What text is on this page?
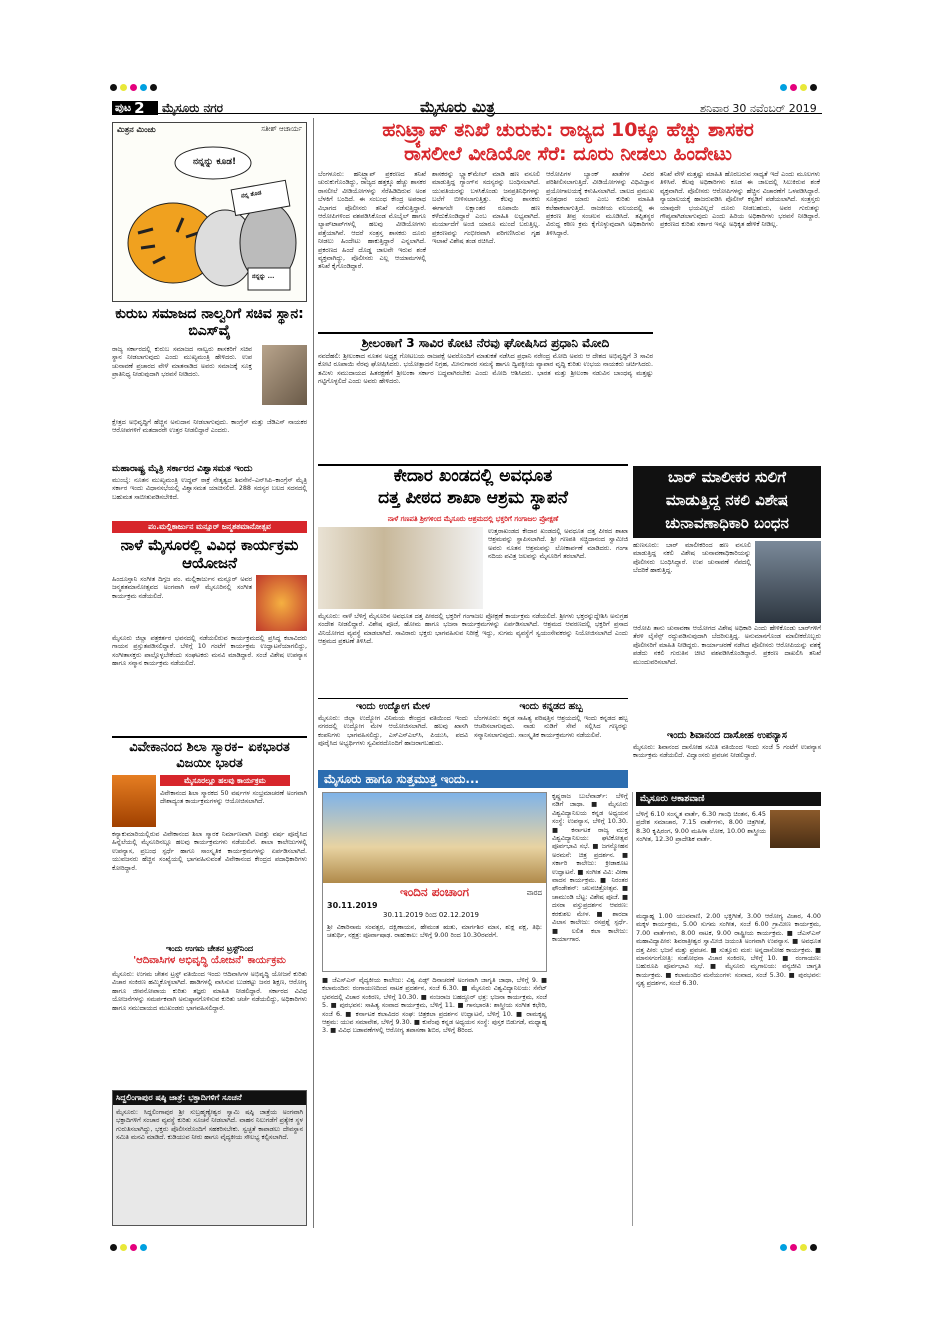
ಪುಟ 2 ಮೈಸೂರು ನಗರ	ಮೈಸೂರು ಮಿತ್ರ	ಶನಿವಾರ 30 ನವೆಂಬರ್ 2019
ಮಿತ್ರನ ಮಿಂಚು	ಸತೀಶ್ ಆಚಾರ್ಯ
ನನ್ನನ್ನು ಕೂಡ!
ನನ್ನ ತೊಡ
ನನ್ನನ್ನು ...
ಕುರುಬ ಸಮಾಜದ ನಾಲ್ವರಿಗೆ ಸಚಿವ ಸ್ಥಾನ: ಬಿಎಸ್‌ವೈ
ರಾಜ್ಯ ಸರ್ಕಾರದಲ್ಲಿ ಕುರುಬ ಸಮಾಜದ ನಾಲ್ವರು ಶಾಸಕರಿಗೆ ಸಚಿವ ಸ್ಥಾನ ನೀಡಲಾಗುವುದು ಎಂದು ಮುಖ್ಯಮಂತ್ರಿ ಹೇಳಿದರು. ಉಪ ಚುನಾವಣೆ ಪ್ರಚಾರದ ವೇಳೆ ಮಾತನಾಡಿದ ಅವರು ಸಮಾಜಕ್ಕೆ ಸೂಕ್ತ ಪ್ರಾತಿನಿಧ್ಯ ನೀಡುವುದಾಗಿ ಭರವಸೆ ನೀಡಿದರು.
ಕ್ಷೇತ್ರದ ಅಭಿವೃದ್ಧಿಗೆ ಹೆಚ್ಚಿನ ಅನುದಾನ ನೀಡಲಾಗುವುದು. ಕಾಂಗ್ರೆಸ್ ಮತ್ತು ಜೆಡಿಎಸ್ ನಾಯಕರ ಆರೋಪಗಳಿಗೆ ಮತದಾರರೇ ಉತ್ತರ ನೀಡಲಿದ್ದಾರೆ ಎಂದರು.
ಮಹಾರಾಷ್ಟ್ರ ಮೈತ್ರಿ ಸರ್ಕಾರದ ವಿಶ್ವಾಸಮತ ಇಂದು
ಮುಂಬೈ: ನೂತನ ಮುಖ್ಯಮಂತ್ರಿ ಉದ್ಧವ್ ಠಾಕ್ರೆ ನೇತೃತ್ವದ ಶಿವಸೇನೆ–ಎನ್‌ಸಿಪಿ–ಕಾಂಗ್ರೆಸ್ ಮೈತ್ರಿ ಸರ್ಕಾರ ಇಂದು ವಿಧಾನಸಭೆಯಲ್ಲಿ ವಿಶ್ವಾಸಮತ ಯಾಚಿಸಲಿದೆ. 288 ಸದಸ್ಯರ ಬಲದ ಸದನದಲ್ಲಿ ಬಹುಮತ ಸಾಬೀತುಪಡಿಸಬೇಕಿದೆ.
ಪಂ.ಮಲ್ಲಿಕಾರ್ಜುನ ಮನ್ಸೂರ್ ಜನ್ಮಶತಮಾನೋತ್ಸವ
ನಾಳೆ ಮೈಸೂರಲ್ಲಿ ವಿವಿಧ ಕಾರ್ಯಕ್ರಮ ಆಯೋಜನೆ
ಹಿಂದೂಸ್ತಾನಿ ಸಂಗೀತ ದಿಗ್ಗಜ ಪಂ. ಮಲ್ಲಿಕಾರ್ಜುನ ಮನ್ಸೂರ್ ಅವರ ಜನ್ಮಶತಮಾನೋತ್ಸವದ ಅಂಗವಾಗಿ ನಾಳೆ ಮೈಸೂರಿನಲ್ಲಿ ಸಂಗೀತ ಕಾರ್ಯಕ್ರಮ ನಡೆಯಲಿದೆ.
ಮೈಸೂರು ಜಿಲ್ಲಾ ಪತ್ರಕರ್ತರ ಭವನದಲ್ಲಿ ನಡೆಯಲಿರುವ ಕಾರ್ಯಕ್ರಮದಲ್ಲಿ ಪ್ರಸಿದ್ಧ ಕಲಾವಿದರು ಗಾಯನ ಪ್ರಸ್ತುತಪಡಿಸಲಿದ್ದಾರೆ. ಬೆಳಿಗ್ಗೆ 10 ಗಂಟೆಗೆ ಕಾರ್ಯಕ್ರಮ ಉದ್ಘಾಟನೆಯಾಗಲಿದ್ದು, ಸಂಗೀತಾಸಕ್ತರು ಪಾಲ್ಗೊಳ್ಳಬೇಕೆಂದು ಸಂಘಟಕರು ಮನವಿ ಮಾಡಿದ್ದಾರೆ. ಸಂಜೆ ವಿಶೇಷ ಉಪನ್ಯಾಸ ಹಾಗೂ ಸನ್ಮಾನ ಕಾರ್ಯಕ್ರಮ ನಡೆಯಲಿದೆ.
ವಿವೇಕಾನಂದ ಶಿಲಾ ಸ್ಮಾರಕ– ಏಕಭಾರತ ವಿಜಯೀ ಭಾರತ
ಮೈಸೂರಲ್ಲೂ ಹಲವು ಕಾರ್ಯಕ್ರಮ
ವಿವೇಕಾನಂದ ಶಿಲಾ ಸ್ಮಾರಕದ 50 ವರ್ಷಗಳ ಸಂಭ್ರಮಾಚರಣೆ ಅಂಗವಾಗಿ ದೇಶಾದ್ಯಂತ ಕಾರ್ಯಕ್ರಮಗಳನ್ನು ಆಯೋಜಿಸಲಾಗಿದೆ.
ಕನ್ಯಾಕುಮಾರಿಯಲ್ಲಿರುವ ವಿವೇಕಾನಂದ ಶಿಲಾ ಸ್ಮಾರಕ ನಿರ್ಮಾಣವಾಗಿ ಐವತ್ತು ವರ್ಷ ಪೂರೈಸಿದ ಹಿನ್ನೆಲೆಯಲ್ಲಿ ಮೈಸೂರಿನಲ್ಲೂ ಹಲವು ಕಾರ್ಯಕ್ರಮಗಳು ನಡೆಯಲಿವೆ. ಶಾಲಾ ಕಾಲೇಜುಗಳಲ್ಲಿ ಉಪನ್ಯಾಸ, ಪ್ರಬಂಧ ಸ್ಪರ್ಧೆ ಹಾಗೂ ಸಾಂಸ್ಕೃತಿಕ ಕಾರ್ಯಕ್ರಮಗಳನ್ನು ಏರ್ಪಡಿಸಲಾಗಿದೆ. ಯುವಜನರು ಹೆಚ್ಚಿನ ಸಂಖ್ಯೆಯಲ್ಲಿ ಭಾಗವಹಿಸುವಂತೆ ವಿವೇಕಾನಂದ ಕೇಂದ್ರದ ಪದಾಧಿಕಾರಿಗಳು ಕೋರಿದ್ದಾರೆ.
ಇಂದು ಉಗಮ ಚೇತನ ಟ್ರಸ್ಟ್‌ನಿಂದ
'ಆದಿವಾಸಿಗಳ ಅಭಿವೃದ್ಧಿ ಯೋಜನೆ' ಕಾರ್ಯಕ್ರಮ
ಮೈಸೂರು: ಉಗಮ ಚೇತನ ಟ್ರಸ್ಟ್ ವತಿಯಿಂದ ಇಂದು ಆದಿವಾಸಿಗಳ ಅಭಿವೃದ್ಧಿ ಯೋಜನೆ ಕುರಿತು ವಿಚಾರ ಸಂಕಿರಣ ಹಮ್ಮಿಕೊಳ್ಳಲಾಗಿದೆ. ಹಾಡಿಗಳಲ್ಲಿ ವಾಸಿಸುವ ಬುಡಕಟ್ಟು ಜನರ ಶಿಕ್ಷಣ, ಆರೋಗ್ಯ ಹಾಗೂ ಜೀವನೋಪಾಯ ಕುರಿತು ತಜ್ಞರು ಮಾಹಿತಿ ನೀಡಲಿದ್ದಾರೆ. ಸರ್ಕಾರದ ವಿವಿಧ ಯೋಜನೆಗಳನ್ನು ಸಮರ್ಪಕವಾಗಿ ಅನುಷ್ಠಾನಗೊಳಿಸುವ ಕುರಿತು ಚರ್ಚೆ ನಡೆಯಲಿದ್ದು, ಅಧಿಕಾರಿಗಳು ಹಾಗೂ ಸಮುದಾಯದ ಮುಖಂಡರು ಭಾಗವಹಿಸಲಿದ್ದಾರೆ.
ಸಿದ್ದಲಿಂಗಾಪುರ ಷಷ್ಠಿ ಜಾತ್ರೆ: ಭಕ್ತಾದಿಗಳಿಗೆ ಸೂಚನೆ
ಮೈಸೂರು: ಸಿದ್ದಲಿಂಗಾಪುರ ಶ್ರೀ ಸುಬ್ರಹ್ಮಣ್ಯೇಶ್ವರ ಸ್ವಾಮಿ ಷಷ್ಠಿ ಜಾತ್ರೆಯ ಅಂಗವಾಗಿ ಭಕ್ತಾದಿಗಳಿಗೆ ಸಂಚಾರ ವ್ಯವಸ್ಥೆ ಕುರಿತು ಸೂಚನೆ ನೀಡಲಾಗಿದೆ. ವಾಹನ ನಿಲುಗಡೆಗೆ ಪ್ರತ್ಯೇಕ ಸ್ಥಳ ಗುರುತಿಸಲಾಗಿದ್ದು, ಭಕ್ತರು ಪೊಲೀಸರೊಂದಿಗೆ ಸಹಕರಿಸಬೇಕು. ಸ್ವಚ್ಛತೆ ಕಾಪಾಡಲು ದೇವಸ್ಥಾನ ಸಮಿತಿ ಮನವಿ ಮಾಡಿದೆ. ಕುಡಿಯುವ ನೀರು ಹಾಗೂ ವೈದ್ಯಕೀಯ ಸೌಲಭ್ಯ ಕಲ್ಪಿಸಲಾಗಿದೆ.
ಹನಿಟ್ರ್ಯಾಪ್ ತನಿಖೆ ಚುರುಕು: ರಾಜ್ಯದ 10ಕ್ಕೂ ಹೆಚ್ಚು ಶಾಸಕರ
ರಾಸಲೀಲೆ ವೀಡಿಯೋ ಸೆರೆ: ದೂರು ನೀಡಲು ಹಿಂದೇಟು
ಬೆಂಗಳೂರು: ಹನಿಟ್ರ್ಯಾಪ್ ಪ್ರಕರಣದ ತನಿಖೆ ಚುರುಕುಗೊಂಡಿದ್ದು, ರಾಜ್ಯದ ಹತ್ತಕ್ಕೂ ಹೆಚ್ಚು ಶಾಸಕರ ರಾಸಲೀಲೆ ವೀಡಿಯೋಗಳನ್ನು ಸೆರೆಹಿಡಿದಿರುವ ಅಂಶ ಬೆಳಕಿಗೆ ಬಂದಿದೆ. ಈ ಸಂಬಂಧ ಕೇಂದ್ರ ಅಪರಾಧ ವಿಭಾಗದ ಪೊಲೀಸರು ತನಿಖೆ ನಡೆಸುತ್ತಿದ್ದಾರೆ. ಆರೋಪಿಗಳಿಂದ ವಶಪಡಿಸಿಕೊಂಡ ಮೊಬೈಲ್ ಹಾಗೂ ಲ್ಯಾಪ್‌ಟಾಪ್‌ಗಳಲ್ಲಿ ಹಲವು ವೀಡಿಯೋಗಳು ಪತ್ತೆಯಾಗಿವೆ. ಆದರೆ ಸಂತ್ರಸ್ತ ಶಾಸಕರು ದೂರು ನೀಡಲು ಹಿಂದೇಟು ಹಾಕುತ್ತಿದ್ದಾರೆ ಎನ್ನಲಾಗಿದೆ. ಪ್ರಕರಣದ ಹಿಂದೆ ದೊಡ್ಡ ಜಾಲವೇ ಇರುವ ಶಂಕೆ ವ್ಯಕ್ತವಾಗಿದ್ದು, ಪೊಲೀಸರು ಎಲ್ಲ ಆಯಾಮಗಳಲ್ಲಿ ತನಿಖೆ ಕೈಗೊಂಡಿದ್ದಾರೆ.
ಶಾಸಕರನ್ನು ಬ್ಲ್ಯಾಕ್‌ಮೇಲ್ ಮಾಡಿ ಹಣ ವಸೂಲಿ ಮಾಡುತ್ತಿದ್ದ ಗ್ಯಾಂಗ್‌ನ ಸದಸ್ಯರನ್ನು ಬಂಧಿಸಲಾಗಿದೆ. ಯುವತಿಯರನ್ನು ಬಳಸಿಕೊಂಡು ಜನಪ್ರತಿನಿಧಿಗಳನ್ನು ಬಲೆಗೆ ಬೀಳಿಸಲಾಗುತ್ತಿತ್ತು. ಕೆಲವು ಶಾಸಕರು ಈಗಾಗಲೇ ಲಕ್ಷಾಂತರ ರೂಪಾಯಿ ಹಣ ಕಳೆದುಕೊಂಡಿದ್ದಾರೆ ಎಂಬ ಮಾಹಿತಿ ಲಭ್ಯವಾಗಿದೆ. ಮರ್ಯಾದೆಗೆ ಅಂಜಿ ಯಾರೂ ಮುಂದೆ ಬರುತ್ತಿಲ್ಲ. ಪ್ರಕರಣವನ್ನು ಗಂಭೀರವಾಗಿ ಪರಿಗಣಿಸಿರುವ ಗೃಹ ಇಲಾಖೆ ವಿಶೇಷ ತಂಡ ರಚಿಸಿದೆ.
ಆರೋಪಿಗಳ ಬ್ಯಾಂಕ್ ಖಾತೆಗಳ ವಿವರ ಪರಿಶೀಲಿಸಲಾಗುತ್ತಿದೆ. ವೀಡಿಯೋಗಳನ್ನು ವಿಧಿವಿಜ್ಞಾನ ಪ್ರಯೋಗಾಲಯಕ್ಕೆ ಕಳುಹಿಸಲಾಗಿದೆ. ಜಾಲದ ಪ್ರಮುಖ ಸೂತ್ರಧಾರ ಯಾರು ಎಂಬ ಕುರಿತು ಮಾಹಿತಿ ಕಲೆಹಾಕಲಾಗುತ್ತಿದೆ. ರಾಜಕೀಯ ವಲಯದಲ್ಲಿ ಈ ಪ್ರಕರಣ ತೀವ್ರ ಸಂಚಲನ ಮೂಡಿಸಿದೆ. ತಪ್ಪಿತಸ್ಥರ ವಿರುದ್ಧ ಕಠಿಣ ಕ್ರಮ ಕೈಗೊಳ್ಳುವುದಾಗಿ ಅಧಿಕಾರಿಗಳು ತಿಳಿಸಿದ್ದಾರೆ.
ತನಿಖೆ ವೇಳೆ ಮತ್ತಷ್ಟು ಮಾಹಿತಿ ಹೊರಬರುವ ಸಾಧ್ಯತೆ ಇದೆ ಎಂದು ಮೂಲಗಳು ತಿಳಿಸಿವೆ. ಕೆಲವು ಅಧಿಕಾರಿಗಳು ಕೂಡ ಈ ಜಾಲದಲ್ಲಿ ಸಿಲುಕಿರುವ ಶಂಕೆ ವ್ಯಕ್ತವಾಗಿದೆ. ಪೊಲೀಸರು ಆರೋಪಿಗಳನ್ನು ಹೆಚ್ಚಿನ ವಿಚಾರಣೆಗೆ ಒಳಪಡಿಸಿದ್ದಾರೆ. ನ್ಯಾಯಾಲಯಕ್ಕೆ ಹಾಜರುಪಡಿಸಿ ಪೊಲೀಸ್ ಕಸ್ಟಡಿಗೆ ಪಡೆಯಲಾಗಿದೆ. ಸಂತ್ರಸ್ತರು ಯಾವುದೇ ಭಯವಿಲ್ಲದೆ ದೂರು ನೀಡಬಹುದು, ಅವರ ಗುರುತನ್ನು ಗೌಪ್ಯವಾಗಿಡಲಾಗುವುದು ಎಂದು ಹಿರಿಯ ಅಧಿಕಾರಿಗಳು ಭರವಸೆ ನೀಡಿದ್ದಾರೆ. ಪ್ರಕರಣದ ಕುರಿತು ಸರ್ಕಾರ ಇನ್ನೂ ಅಧಿಕೃತ ಹೇಳಿಕೆ ನೀಡಿಲ್ಲ.
ಶ್ರೀಲಂಕಾಗೆ 3 ಸಾವಿರ ಕೋಟಿ ನೆರವು ಘೋಷಿಸಿದ ಪ್ರಧಾನಿ ಮೋದಿ
ನವದೆಹಲಿ: ಶ್ರೀಲಂಕಾದ ನೂತನ ಅಧ್ಯಕ್ಷ ಗೋಟಬಯ ರಾಜಪಕ್ಸೆ ಅವರೊಂದಿಗೆ ಮಾತುಕತೆ ನಡೆಸಿದ ಪ್ರಧಾನಿ ನರೇಂದ್ರ ಮೋದಿ ಅವರು ಆ ದೇಶದ ಅಭಿವೃದ್ಧಿಗೆ 3 ಸಾವಿರ ಕೋಟಿ ರೂಪಾಯಿ ನೆರವು ಘೋಷಿಸಿದರು. ಭಯೋತ್ಪಾದನೆ ನಿಗ್ರಹ, ಮೀನುಗಾರರ ಸಮಸ್ಯೆ ಹಾಗೂ ದ್ವಿಪಕ್ಷೀಯ ವ್ಯಾಪಾರ ವೃದ್ಧಿ ಕುರಿತು ಉಭಯ ನಾಯಕರು ಚರ್ಚಿಸಿದರು. ತಮಿಳು ಸಮುದಾಯದ ಹಿತರಕ್ಷಣೆಗೆ ಶ್ರೀಲಂಕಾ ಸರ್ಕಾರ ಬದ್ಧವಾಗಿರಬೇಕು ಎಂದು ಮೋದಿ ಆಶಿಸಿದರು. ಭಾರತ ಮತ್ತು ಶ್ರೀಲಂಕಾ ನಡುವಿನ ಬಾಂಧವ್ಯ ಮತ್ತಷ್ಟು ಗಟ್ಟಿಗೊಳ್ಳಲಿದೆ ಎಂದು ಅವರು ಹೇಳಿದರು.
ಕೇದಾರ ಖಂಡದಲ್ಲಿ ಅವಧೂತ
ದತ್ತ ಪೀಠದ ಶಾಖಾ ಆಶ್ರಮ ಸ್ಥಾಪನೆ
ನಾಳೆ ಗಣಪತಿ ಶ್ರೀಗಳಿಂದ ಮೈಸೂರು ಆಶ್ರಮದಲ್ಲಿ ಭಕ್ತರಿಗೆ ಗಂಗಾಜಲ ಪ್ರೋಕ್ಷಣೆ
ಉತ್ತರಾಖಂಡದ ಕೇದಾರ ಖಂಡದಲ್ಲಿ ಅವಧೂತ ದತ್ತ ಪೀಠದ ಶಾಖಾ ಆಶ್ರಮವನ್ನು ಸ್ಥಾಪಿಸಲಾಗಿದೆ. ಶ್ರೀ ಗಣಪತಿ ಸಚ್ಚಿದಾನಂದ ಸ್ವಾಮೀಜಿ ಅವರು ನೂತನ ಆಶ್ರಮವನ್ನು ಲೋಕಾರ್ಪಣೆ ಮಾಡಿದರು. ಗಂಗಾ ನದಿಯ ಪವಿತ್ರ ಜಲವನ್ನು ಮೈಸೂರಿಗೆ ತರಲಾಗಿದೆ.
ಮೈಸೂರು: ನಾಳೆ ಬೆಳಿಗ್ಗೆ ಮೈಸೂರಿನ ಅವಧೂತ ದತ್ತ ಪೀಠದಲ್ಲಿ ಭಕ್ತರಿಗೆ ಗಂಗಾಜಲ ಪ್ರೋಕ್ಷಣೆ ಕಾರ್ಯಕ್ರಮ ನಡೆಯಲಿದೆ. ಶ್ರೀಗಳು ಭಕ್ತರನ್ನುದ್ದೇಶಿಸಿ ಅನುಗ್ರಹ ಸಂದೇಶ ನೀಡಲಿದ್ದಾರೆ. ವಿಶೇಷ ಪೂಜೆ, ಹೋಮ ಹಾಗೂ ಭಜನಾ ಕಾರ್ಯಕ್ರಮಗಳನ್ನು ಏರ್ಪಡಿಸಲಾಗಿದೆ. ಆಶ್ರಮದ ಆವರಣದಲ್ಲಿ ಭಕ್ತರಿಗೆ ಪ್ರಸಾದ ವಿನಿಯೋಗದ ವ್ಯವಸ್ಥೆ ಮಾಡಲಾಗಿದೆ. ಸಾವಿರಾರು ಭಕ್ತರು ಭಾಗವಹಿಸುವ ನಿರೀಕ್ಷೆ ಇದ್ದು, ಸುಗಮ ವ್ಯವಸ್ಥೆಗೆ ಸ್ವಯಂಸೇವಕರನ್ನು ನಿಯೋಜಿಸಲಾಗಿದೆ ಎಂದು ಆಶ್ರಮದ ಪ್ರಕಟಣೆ ತಿಳಿಸಿದೆ.
ಬಾರ್ ಮಾಲೀಕರ ಸುಲಿಗೆ
ಮಾಡುತ್ತಿದ್ದ ನಕಲಿ ವಿಶೇಷ
ಚುನಾವಣಾಧಿಕಾರಿ ಬಂಧನ
ಹುಣಸೂರು: ಬಾರ್ ಮಾಲೀಕರಿಂದ ಹಣ ವಸೂಲಿ ಮಾಡುತ್ತಿದ್ದ ನಕಲಿ ವಿಶೇಷ ಚುನಾವಣಾಧಿಕಾರಿಯನ್ನು ಪೊಲೀಸರು ಬಂಧಿಸಿದ್ದಾರೆ. ಉಪ ಚುನಾವಣೆ ನೆಪದಲ್ಲಿ ಬೆದರಿಕೆ ಹಾಕುತ್ತಿದ್ದ.
ಆರೋಪಿ ತಾನು ಚುನಾವಣಾ ಆಯೋಗದ ವಿಶೇಷ ಅಧಿಕಾರಿ ಎಂದು ಹೇಳಿಕೊಂಡು ಬಾರ್‌ಗಳಿಗೆ ತೆರಳಿ ಲೈಸೆನ್ಸ್ ರದ್ದುಪಡಿಸುವುದಾಗಿ ಬೆದರಿಸುತ್ತಿದ್ದ. ಅನುಮಾನಗೊಂಡ ಮಾಲೀಕರೊಬ್ಬರು ಪೊಲೀಸರಿಗೆ ಮಾಹಿತಿ ನೀಡಿದ್ದರು. ಕಾರ್ಯಾಚರಣೆ ನಡೆಸಿದ ಪೊಲೀಸರು ಆರೋಪಿಯನ್ನು ವಶಕ್ಕೆ ಪಡೆದು ನಕಲಿ ಗುರುತಿನ ಚೀಟಿ ವಶಪಡಿಸಿಕೊಂಡಿದ್ದಾರೆ. ಪ್ರಕರಣ ದಾಖಲಿಸಿ ತನಿಖೆ ಮುಂದುವರಿಸಲಾಗಿದೆ.
ಇಂದು ಉದ್ಯೋಗ ಮೇಳ
ಮೈಸೂರು: ಜಿಲ್ಲಾ ಉದ್ಯೋಗ ವಿನಿಮಯ ಕೇಂದ್ರದ ವತಿಯಿಂದ ಇಂದು ನಗರದಲ್ಲಿ ಉದ್ಯೋಗ ಮೇಳ ಆಯೋಜಿಸಲಾಗಿದೆ. ಹಲವು ಖಾಸಗಿ ಕಂಪನಿಗಳು ಭಾಗವಹಿಸಲಿದ್ದು, ಎಸ್‌ಎಸ್‌ಎಲ್‌ಸಿ, ಪಿಯುಸಿ, ಪದವಿ ಪೂರೈಸಿದ ಅಭ್ಯರ್ಥಿಗಳು ಸ್ವವಿವರದೊಂದಿಗೆ ಹಾಜರಾಗಬಹುದು.
ಇಂದು ಕನ್ನಡದ ಹಬ್ಬ
ಬೆಂಗಳೂರು: ಕನ್ನಡ ಸಾಹಿತ್ಯ ಪರಿಷತ್ತಿನ ಆಶ್ರಯದಲ್ಲಿ ಇಂದು ಕನ್ನಡದ ಹಬ್ಬ ಆಚರಿಸಲಾಗುವುದು. ನಾಡು ನುಡಿಗೆ ಸೇವೆ ಸಲ್ಲಿಸಿದ ಗಣ್ಯರನ್ನು ಸನ್ಮಾನಿಸಲಾಗುವುದು. ಸಾಂಸ್ಕೃತಿಕ ಕಾರ್ಯಕ್ರಮಗಳು ನಡೆಯಲಿವೆ.	ಇಂದು ಶಿವಾನಂದ ದಾಸೋಹ ಉಪನ್ಯಾಸ
ಮೈಸೂರು: ಶಿವಾನಂದ ದಾಸೋಹ ಸಮಿತಿ ವತಿಯಿಂದ ಇಂದು ಸಂಜೆ 5 ಗಂಟೆಗೆ ಉಪನ್ಯಾಸ ಕಾರ್ಯಕ್ರಮ ನಡೆಯಲಿದೆ. ವಿದ್ವಾಂಸರು ಪ್ರವಚನ ನೀಡಲಿದ್ದಾರೆ.
ಮೈಸೂರು ಹಾಗೂ ಸುತ್ತಮುತ್ತ ಇಂದು...
ಇಂದಿನ ಪಂಚಾಂಗ
30.11.2019
ವಾರದ
30.11.2019 ರಿಂದ 02.12.2019
ಶ್ರೀ ವಿಕಾರಿನಾಮ ಸಂವತ್ಸರ, ದಕ್ಷಿಣಾಯನ, ಹೇಮಂತ ಋತು, ಮಾರ್ಗಶಿರ ಮಾಸ, ಶುಕ್ಲ ಪಕ್ಷ, ತಿಥಿ: ಚತುರ್ಥಿ, ನಕ್ಷತ್ರ: ಪೂರ್ವಾಷಾಢ. ರಾಹುಕಾಲ: ಬೆಳಿಗ್ಗೆ 9.00 ರಿಂದ 10.30ರವರೆಗೆ.
■ ಜೆಎಸ್‌ಎಸ್ ವೈದ್ಯಕೀಯ ಕಾಲೇಜು: ವಿಶ್ವ ಏಡ್ಸ್ ದಿನಾಚರಣೆ ಅಂಗವಾಗಿ ಜಾಗೃತಿ ಜಾಥಾ, ಬೆಳಿಗ್ಗೆ 9. ■ ಕಲಾಮಂದಿರ: ರಂಗಾಯಣದಿಂದ ನಾಟಕ ಪ್ರದರ್ಶನ, ಸಂಜೆ 6.30. ■ ಮೈಸೂರು ವಿಶ್ವವಿದ್ಯಾನಿಲಯ: ಸೆನೆಟ್ ಭವನದಲ್ಲಿ ವಿಚಾರ ಸಂಕಿರಣ, ಬೆಳಿಗ್ಗೆ 10.30. ■ ನಂಜರಾಜ ಬಹದ್ದೂರ್ ಛತ್ರ: ಭಜನಾ ಕಾರ್ಯಕ್ರಮ, ಸಂಜೆ 5. ■ ಪುರಭವನ: ಸಾಹಿತ್ಯ ಸಂವಾದ ಕಾರ್ಯಕ್ರಮ, ಬೆಳಿಗ್ಗೆ 11. ■ ಗಾನಭಾರತಿ: ಶಾಸ್ತ್ರೀಯ ಸಂಗೀತ ಕಛೇರಿ, ಸಂಜೆ 6. ■ ಕರ್ನಾಟಕ ಕಲಾವಿದರ ಸಂಘ: ಚಿತ್ರಕಲಾ ಪ್ರದರ್ಶನ ಉದ್ಘಾಟನೆ, ಬೆಳಿಗ್ಗೆ 10. ■ ರಾಮಕೃಷ್ಣ ಆಶ್ರಮ: ಯುವ ಸಮಾವೇಶ, ಬೆಳಿಗ್ಗೆ 9.30. ■ ಕುವೆಂಪು ಕನ್ನಡ ಅಧ್ಯಯನ ಸಂಸ್ಥೆ: ಪುಸ್ತಕ ಬಿಡುಗಡೆ, ಮಧ್ಯಾಹ್ನ 3. ■ ವಿವಿಧ ಬಡಾವಣೆಗಳಲ್ಲಿ ಆರೋಗ್ಯ ತಪಾಸಣಾ ಶಿಬಿರ, ಬೆಳಿಗ್ಗೆ 8ರಿಂದ.
ಕೃಷ್ಣರಾಜ ಬುಲೆವಾರ್ಡ್: ಬೆಳಿಗ್ಗೆ ನಡಿಗೆ ಜಾಥಾ. ■ ಮೈಸೂರು ವಿಶ್ವವಿದ್ಯಾನಿಲಯ ಕನ್ನಡ ಅಧ್ಯಯನ ಸಂಸ್ಥೆ: ಉಪನ್ಯಾಸ, ಬೆಳಿಗ್ಗೆ 10.30. ■ ಕರ್ನಾಟಕ ರಾಜ್ಯ ಮುಕ್ತ ವಿಶ್ವವಿದ್ಯಾನಿಲಯ: ಘಟಿಕೋತ್ಸವ ಪೂರ್ವಭಾವಿ ಸಭೆ. ■ ಜಗನ್ಮೋಹನ ಅರಮನೆ: ಚಿತ್ರ ಪ್ರದರ್ಶನ. ■ ಸರ್ಕಾರಿ ಕಾಲೇಜು: ಕ್ರೀಡಾಕೂಟ ಉದ್ಘಾಟನೆ. ■ ಸಂಗೀತ ವಿವಿ: ವೀಣಾ ವಾದನ ಕಾರ್ಯಕ್ರಮ. ■ ನಿರಂತರ ಫೌಂಡೇಶನ್: ಚಲನಚಿತ್ರೋತ್ಸವ. ■ ಚಾಮುಂಡಿ ಬೆಟ್ಟ: ವಿಶೇಷ ಪೂಜೆ. ■ ದಸರಾ ವಸ್ತುಪ್ರದರ್ಶನ ಆವರಣ: ಕರಕುಶಲ ಮೇಳ. ■ ಶಾರದಾ ವಿಲಾಸ ಕಾಲೇಜು: ರಸಪ್ರಶ್ನೆ ಸ್ಪರ್ಧೆ. ■ ಲಲಿತ ಕಲಾ ಕಾಲೇಜು: ಕಾರ್ಯಾಗಾರ.
ಮೈಸೂರು ಆಕಾಶವಾಣಿ
ಬೆಳಿಗ್ಗೆ 6.10 ಸಂಸ್ಕೃತ ವಾರ್ತೆ, 6.30 ಗಾಂಧಿ ಚಿಂತನ, 6.45 ಪ್ರದೇಶ ಸಮಾಚಾರ, 7.15 ವಾರ್ತೆಗಳು, 8.00 ಚಿತ್ರಗೀತೆ, 8.30 ಕೃಷಿರಂಗ, 9.00 ಮಹಿಳಾ ಲೋಕ, 10.00 ಶಾಸ್ತ್ರೀಯ ಸಂಗೀತ, 12.30 ಪ್ರಾದೇಶಿಕ ವಾರ್ತೆ.
ಮಧ್ಯಾಹ್ನ 1.00 ಯುವವಾಣಿ, 2.00 ಭಕ್ತಿಗೀತೆ, 3.00 ಆರೋಗ್ಯ ವಿಚಾರ, 4.00 ಮಕ್ಕಳ ಕಾರ್ಯಕ್ರಮ, 5.00 ಸುಗಮ ಸಂಗೀತ, ಸಂಜೆ 6.00 ಗ್ರಾಮೀಣ ಕಾರ್ಯಕ್ರಮ, 7.00 ವಾರ್ತೆಗಳು, 8.00 ನಾಟಕ, 9.00 ರಾಷ್ಟ್ರೀಯ ಕಾರ್ಯಕ್ರಮ. ■ ಜೆಎಸ್‌ಎಸ್ ಮಹಾವಿದ್ಯಾಪೀಠ: ಶಿವರಾತ್ರೀಶ್ವರ ಸ್ವಾಮೀಜಿ ಜಯಂತಿ ಅಂಗವಾಗಿ ಉಪನ್ಯಾಸ. ■ ಅವಧೂತ ದತ್ತ ಪೀಠ: ಭಜನೆ ಮತ್ತು ಪ್ರವಚನ. ■ ಸುತ್ತೂರು ಮಠ: ಅನ್ನದಾಸೋಹ ಕಾರ್ಯಕ್ರಮ. ■ ಮಾನಸಗಂಗೋತ್ರಿ: ಸಂಶೋಧನಾ ವಿಚಾರ ಸಂಕಿರಣ, ಬೆಳಿಗ್ಗೆ 10. ■ ರಂಗಾಯಣ: ಬಹುರೂಪಿ ಪೂರ್ವಭಾವಿ ಸಭೆ. ■ ಮೈಸೂರು ಮೃಗಾಲಯ: ವನ್ಯಜೀವಿ ಜಾಗೃತಿ ಕಾರ್ಯಕ್ರಮ. ■ ಕಲಾಮಂದಿರ ಮನೆಯಂಗಳ: ಸಂವಾದ, ಸಂಜೆ 5.30. ■ ಪುರಭವನ: ನೃತ್ಯ ಪ್ರದರ್ಶನ, ಸಂಜೆ 6.30.
